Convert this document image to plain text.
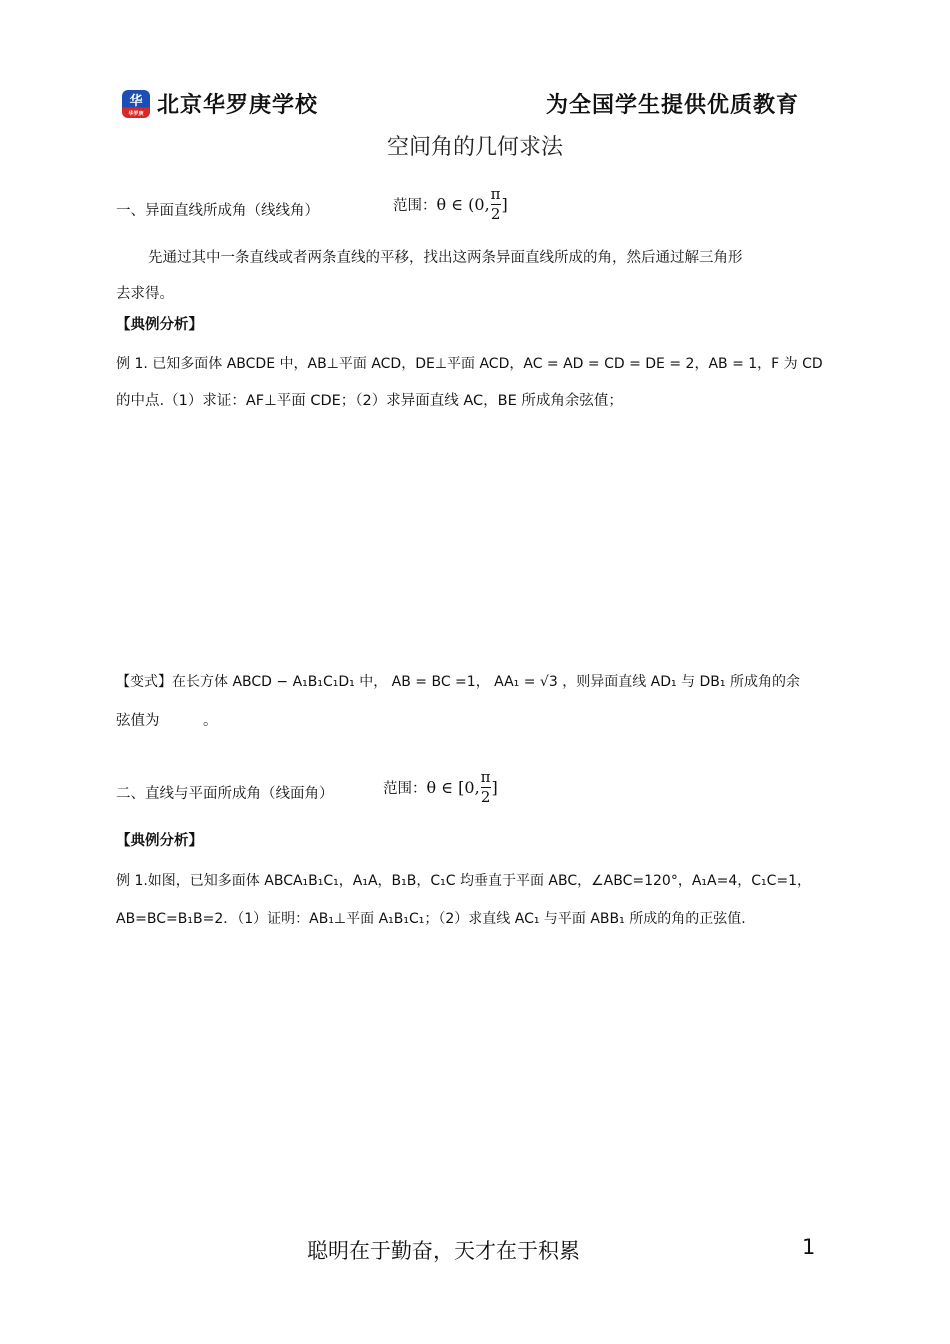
华
华罗庚 北京华罗庚学校	为全国学生提供优质教育
空间角的几何求法
一、异面直线所成角（线线角）	范围：θ ∈ (0, $\frac{\pi}{2}$ ]
先通过其中一条直线或者两条直线的平移，找出这两条异面直线所成的角，然后通过解三角形
去求得。
【典例分析】
例 1. 已知多面体 ABCDE 中，AB⊥平面 ACD，DE⊥平面 ACD，AC = AD = CD = DE = 2，AB = 1，F 为 CD
的中点.（1）求证：AF⊥平面 CDE；（2）求异面直线 AC，BE 所成角余弦值；
【变式】在长方体 ABCD − A₁B₁C₁D₁ 中， AB = BC =1， AA₁ = √3 ，则异面直线 AD₁ 与 DB₁ 所成角的余
弦值为　　　。
二、直线与平面所成角（线面角）	范围：θ ∈ [0, $\frac{\pi}{2}$ ]
【典例分析】
例 1.如图，已知多面体 ABCA₁B₁C₁，A₁A，B₁B，C₁C 均垂直于平面 ABC，∠ABC=120°，A₁A=4，C₁C=1，
AB=BC=B₁B=2．（1）证明：AB₁⊥平面 A₁B₁C₁；（2）求直线 AC₁ 与平面 ABB₁ 所成的角的正弦值.
聪明在于勤奋，天才在于积累	1
